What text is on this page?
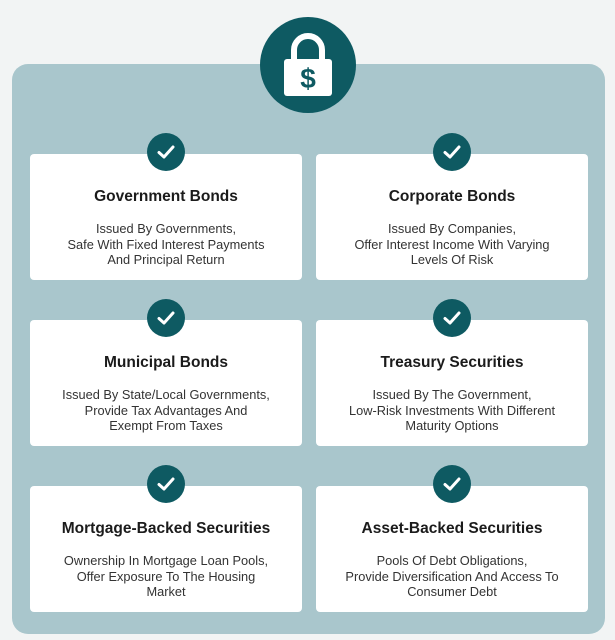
$
Government Bonds
Issued By Governments,
Safe With Fixed Interest Payments
And Principal Return
Corporate Bonds
Issued By Companies,
Offer Interest Income With Varying
Levels Of Risk
Municipal Bonds
Issued By State/Local Governments,
Provide Tax Advantages And
Exempt From Taxes
Treasury Securities
Issued By The Government,
Low-Risk Investments With Different
Maturity Options
Mortgage-Backed Securities
Ownership In Mortgage Loan Pools,
Offer Exposure To The Housing
Market
Asset-Backed Securities
Pools Of Debt Obligations,
Provide Diversification And Access To
Consumer Debt
